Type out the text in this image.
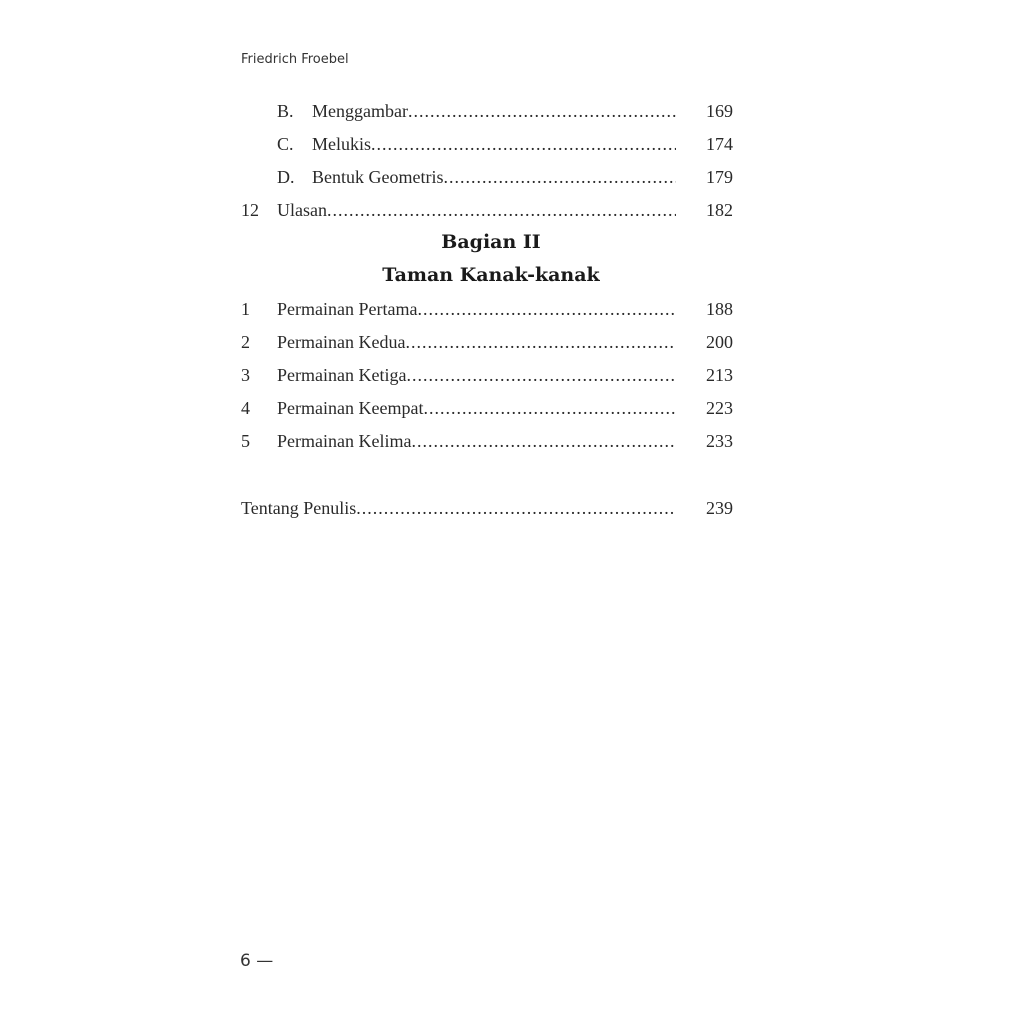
Friedrich Froebel
B.	Menggambar .....	169
C.	Melukis .....	174
D. Bentuk Geometris .....	179
12	Ulasan .....	182
Bagian II
Taman Kanak-kanak
1	Permainan Pertama .....	188
2	Permainan Kedua .....	200
3	Permainan Ketiga .....	213
4	Permainan Keempat .....	223
5	Permainan Kelima .....	233
Tentang Penulis .....	239
6 —
